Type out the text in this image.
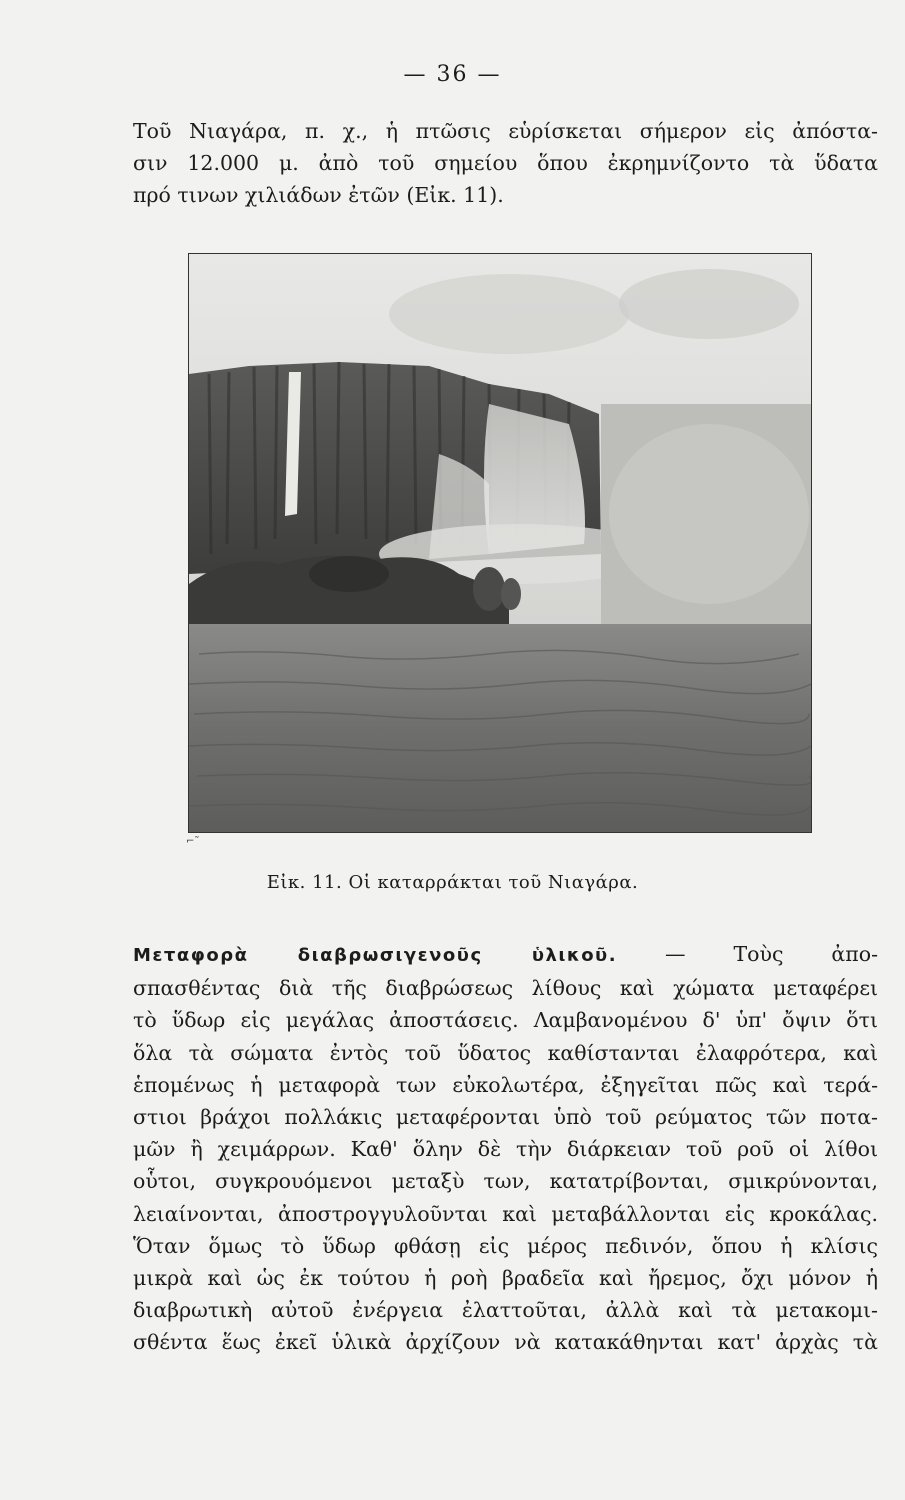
— 36 —
Τοῦ Νιαγάρα, π. χ., ἡ πτῶσις εὑρίσκεται σήμερον εἰς ἀπόστα-
σιν 12.000 μ. ἀπὸ τοῦ σημείου ὅπου ἐκρημνίζοντο τὰ ὕδατα
πρό τινων χιλιάδων ἐτῶν (Εἰκ. 11).
⌐˜
Εἰκ. 11. Οἱ καταρράκται τοῦ Νιαγάρα.
Μεταφορὰ διαβρωσιγενοῦς ὑλικοῦ. — Τοὺς ἀπο-
σπασθέντας διὰ τῆς διαβρώσεως λίθους καὶ χώματα μεταφέρει
τὸ ὕδωρ εἰς μεγάλας ἀποστάσεις. Λαμβανομένου δ' ὑπ' ὄψιν ὅτι
ὅλα τὰ σώματα ἐντὸς τοῦ ὕδατος καθίστανται ἐλαφρότερα, καὶ
ἑπομένως ἡ μεταφορὰ των εὐκολωτέρα, ἐξηγεῖται πῶς καὶ τερά-
στιοι βράχοι πολλάκις μεταφέρονται ὑπὸ τοῦ ρεύματος τῶν ποτα-
μῶν ἢ χειμάρρων. Καθ' ὅλην δὲ τὴν διάρκειαν τοῦ ροῦ οἱ λίθοι
οὗτοι, συγκρουόμενοι μεταξὺ των, κατατρίβονται, σμικρύνονται,
λειαίνονται, ἀποστρογγυλοῦνται καὶ μεταβάλλονται εἰς κροκάλας.
Ὅταν ὅμως τὸ ὕδωρ φθάσῃ εἰς μέρος πεδινόν, ὅπου ἡ κλίσις
μικρὰ καὶ ὡς ἐκ τούτου ἡ ροὴ βραδεῖα καὶ ἤρεμος, ὄχι μόνον ἡ
διαβρωτικὴ αὐτοῦ ἐνέργεια ἐλαττοῦται, ἀλλὰ καὶ τὰ μετακομι-
σθέντα ἕως ἐκεῖ ὑλικὰ ἀρχίζουν νὰ κατακάθηνται κατ' ἀρχὰς τὰ
